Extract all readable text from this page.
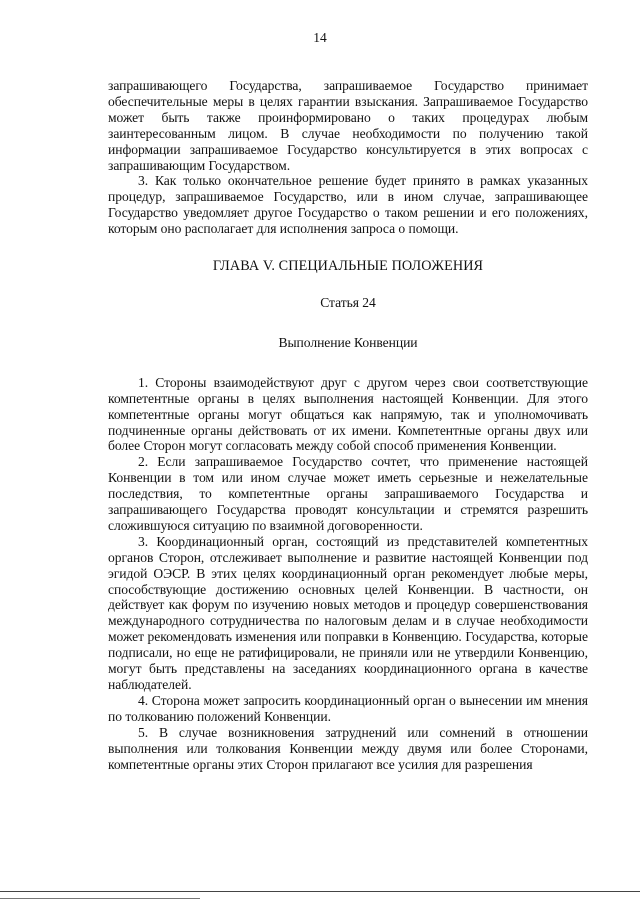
14

запрашивающего Государства, запрашиваемое Государство принимает обеспечительные меры в целях гарантии взыскания. Запрашиваемое Государство может быть также проинформировано о таких процедурах любым заинтересованным лицом. В случае необходимости по получению такой информации запрашиваемое Государство консультируется в этих вопросах с запрашивающим Государством.

3. Как только окончательное решение будет принято в рамках указанных процедур, запрашиваемое Государство, или в ином случае, запрашивающее Государство уведомляет другое Государство о таком решении и его положениях, которым оно располагает для исполнения запроса о помощи.

ГЛАВА V. СПЕЦИАЛЬНЫЕ ПОЛОЖЕНИЯ
Статья 24
Выполнение Конвенции

1. Стороны взаимодействуют друг с другом через свои соответствующие компетентные органы в целях выполнения настоящей Конвенции. Для этого компетентные органы могут общаться как напрямую, так и уполномочивать подчиненные органы действовать от их имени. Компетентные органы двух или более Сторон могут согласовать между собой способ применения Конвенции.

2. Если запрашиваемое Государство сочтет, что применение настоящей Конвенции в том или ином случае может иметь серьезные и нежелательные последствия, то компетентные органы запрашиваемого Государства и запрашивающего Государства проводят консультации и стремятся разрешить сложившуюся ситуацию по взаимной договоренности.

3. Координационный орган, состоящий из представителей компетентных органов Сторон, отслеживает выполнение и развитие настоящей Конвенции под эгидой ОЭСР. В этих целях координационный орган рекомендует любые меры, способствующие достижению основных целей Конвенции. В частности, он действует как форум по изучению новых методов и процедур совершенствования международного сотрудничества по налоговым делам и в случае необходимости может рекомендовать изменения или поправки в Конвенцию. Государства, которые подписали, но еще не ратифицировали, не приняли или не утвердили Конвенцию, могут быть представлены на заседаниях координационного органа в качестве наблюдателей.

4. Сторона может запросить координационный орган о вынесении им мнения по толкованию положений Конвенции.

5. В случае возникновения затруднений или сомнений в отношении выполнения или толкования Конвенции между двумя или более Сторонами, компетентные органы этих Сторон прилагают все усилия для разрешения
